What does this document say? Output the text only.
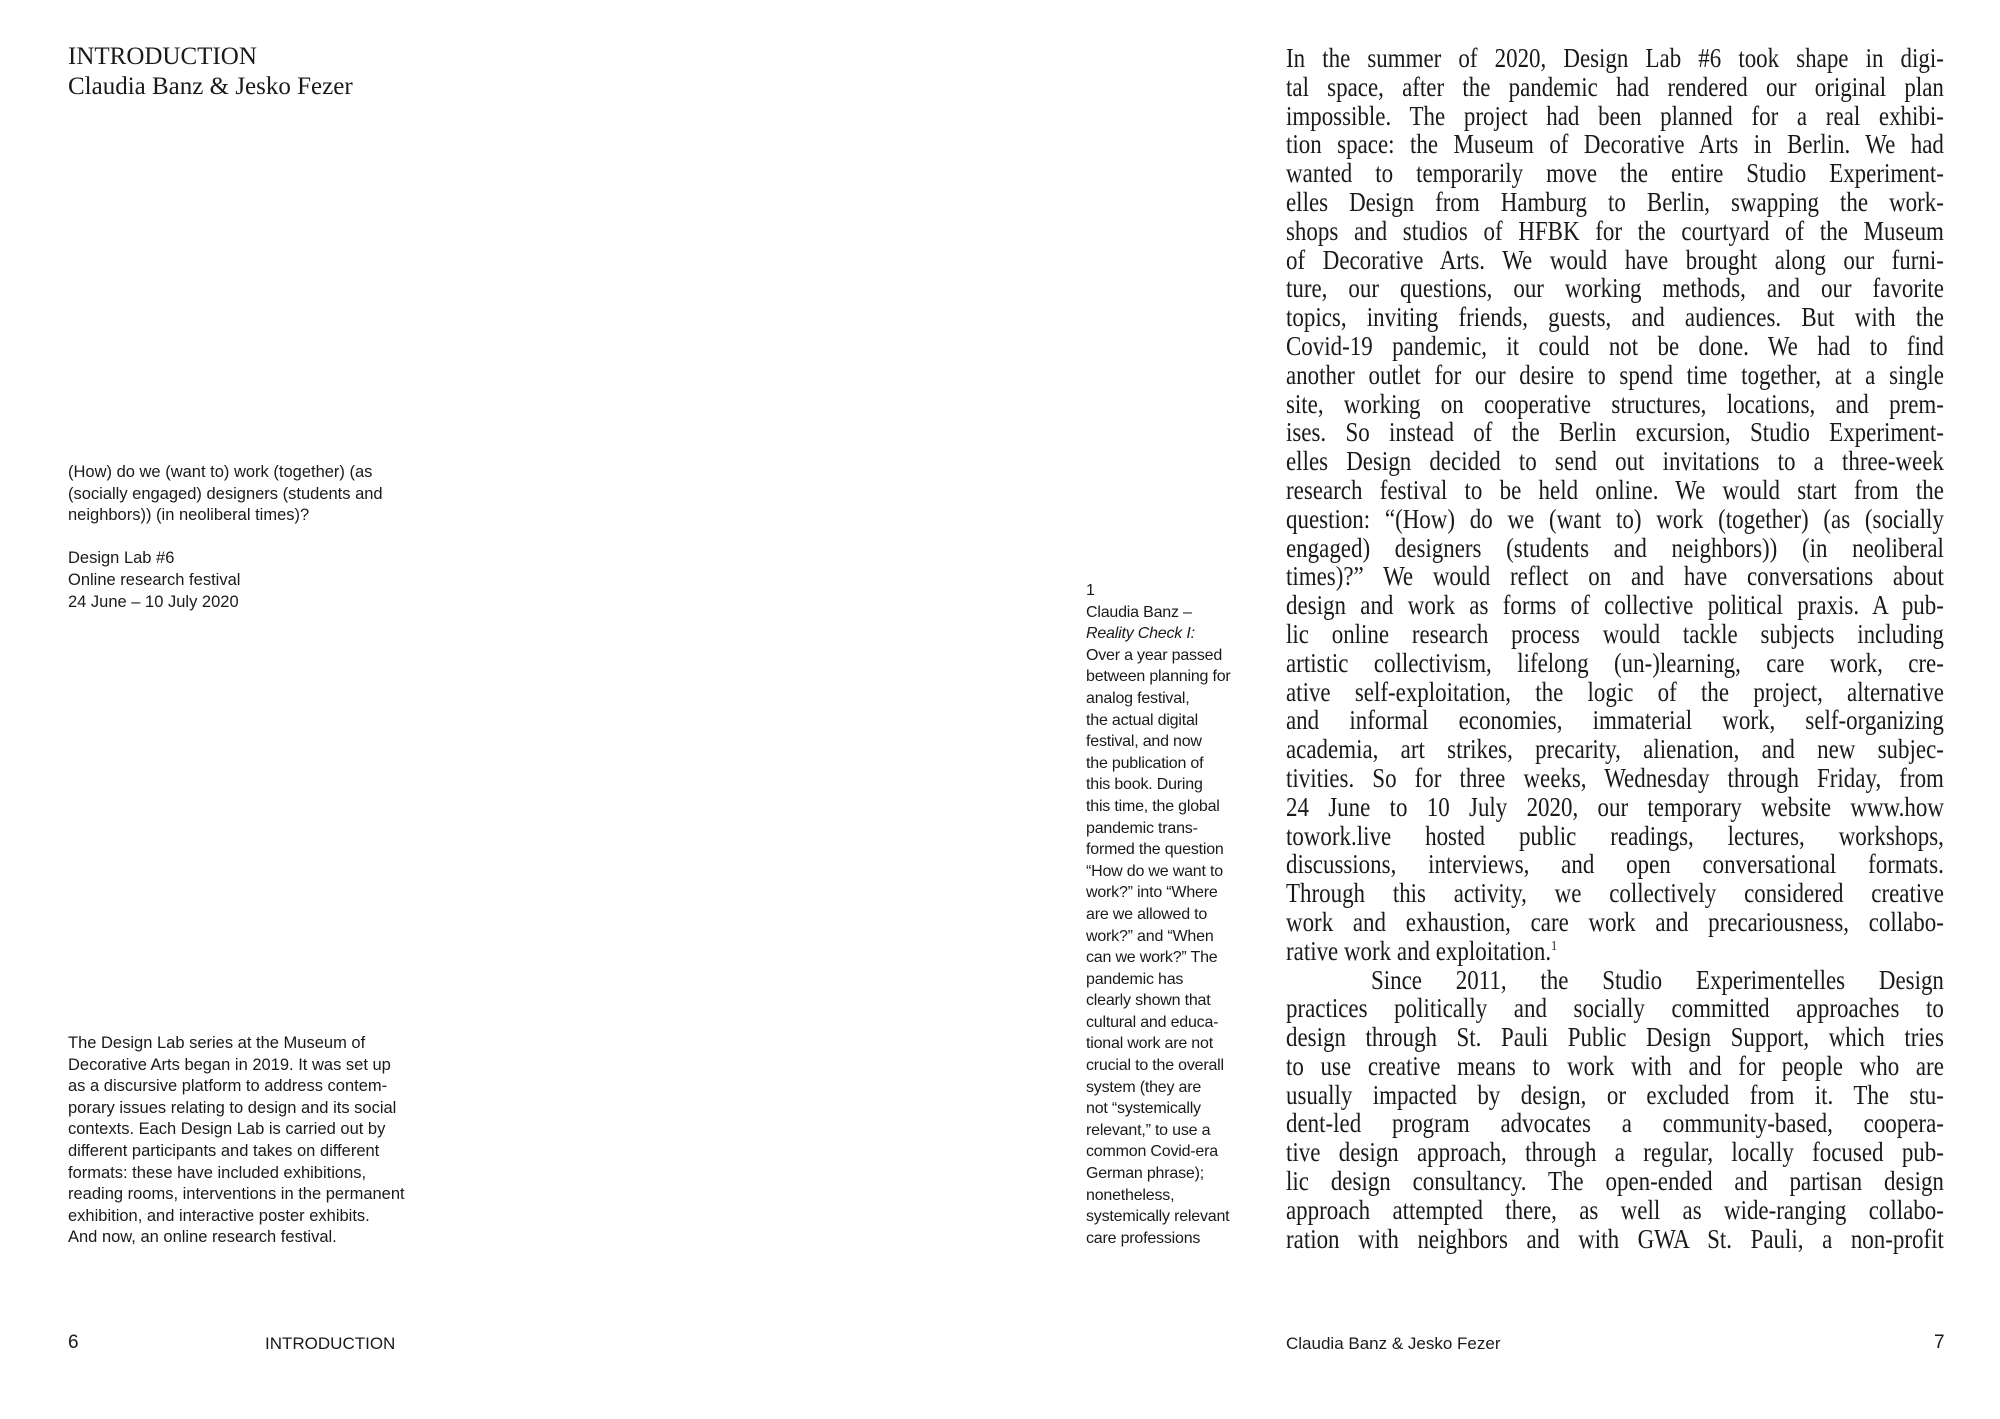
INTRODUCTION
Claudia Banz & Jesko Fezer
(How) do we (want to) work (together) (as
(socially engaged) designers (students and
neighbors)) (in neoliberal times)?
Design Lab #6
Online research festival
24 June – 10 July 2020
The Design Lab series at the Museum of
Decorative Arts began in 2019. It was set up
as a discursive platform to address contem-
porary issues relating to design and its social
contexts. Each Design Lab is carried out by
different participants and takes on different
formats: these have included exhibitions,
reading rooms, interventions in the permanent
exhibition, and interactive poster exhibits.
And now, an online research festival.
1
Claudia Banz –
Reality Check I:
Over a year passed
between planning for
analog festival,
the actual digital
festival, and now
the publication of
this book. During
this time, the global
pandemic trans-
formed the question
“How do we want to
work?” into “Where
are we allowed to
work?” and “When
can we work?” The
pandemic has
clearly shown that
cultural and educa-
tional work are not
crucial to the overall
system (they are
not “systemically
relevant,” to use a
common Covid-era
German phrase);
nonetheless,
systemically relevant
care professions
In the summer of 2020, Design Lab #6 took shape in digi-
tal space, after the pandemic had rendered our original plan
impossible. The project had been planned for a real exhibi-
tion space: the Museum of Decorative Arts in Berlin. We had
wanted to temporarily move the entire Studio Experiment-
elles Design from Hamburg to Berlin, swapping the work-
shops and studios of HFBK for the courtyard of the Museum
of Decorative Arts. We would have brought along our furni-
ture, our questions, our working methods, and our favorite
topics, inviting friends, guests, and audiences. But with the
Covid-19 pandemic, it could not be done. We had to find
another outlet for our desire to spend time together, at a single
site, working on cooperative structures, locations, and prem-
ises. So instead of the Berlin excursion, Studio Experiment-
elles Design decided to send out invitations to a three-week
research festival to be held online. We would start from the
question: “(How) do we (want to) work (together) (as (socially
engaged) designers (students and neighbors)) (in neoliberal
times)?” We would reflect on and have conversations about
design and work as forms of collective political praxis. A pub-
lic online research process would tackle subjects including
artistic collectivism, lifelong (un-)learning, care work, cre-
ative self-exploitation, the logic of the project, alternative
and informal economies, immaterial work, self-organizing
academia, art strikes, precarity, alienation, and new subjec-
tivities. So for three weeks, Wednesday through Friday, from
24 June to 10 July 2020, our temporary website www.how
towork.live hosted public readings, lectures, workshops,
discussions, interviews, and open conversational formats.
Through this activity, we collectively considered creative
work and exhaustion, care work and precariousness, collabo-
rative work and exploitation.$^1$
Since 2011, the Studio Experimentelles Design
practices politically and socially committed approaches to
design through St. Pauli Public Design Support, which tries
to use creative means to work with and for people who are
usually impacted by design, or excluded from it. The stu-
dent-led program advocates a community-based, coopera-
tive design approach, through a regular, locally focused pub-
lic design consultancy. The open-ended and partisan design
approach attempted there, as well as wide-ranging collabo-
ration with neighbors and with GWA St. Pauli, a non-profit
6	INTRODUCTION	Claudia Banz & Jesko Fezer	7
